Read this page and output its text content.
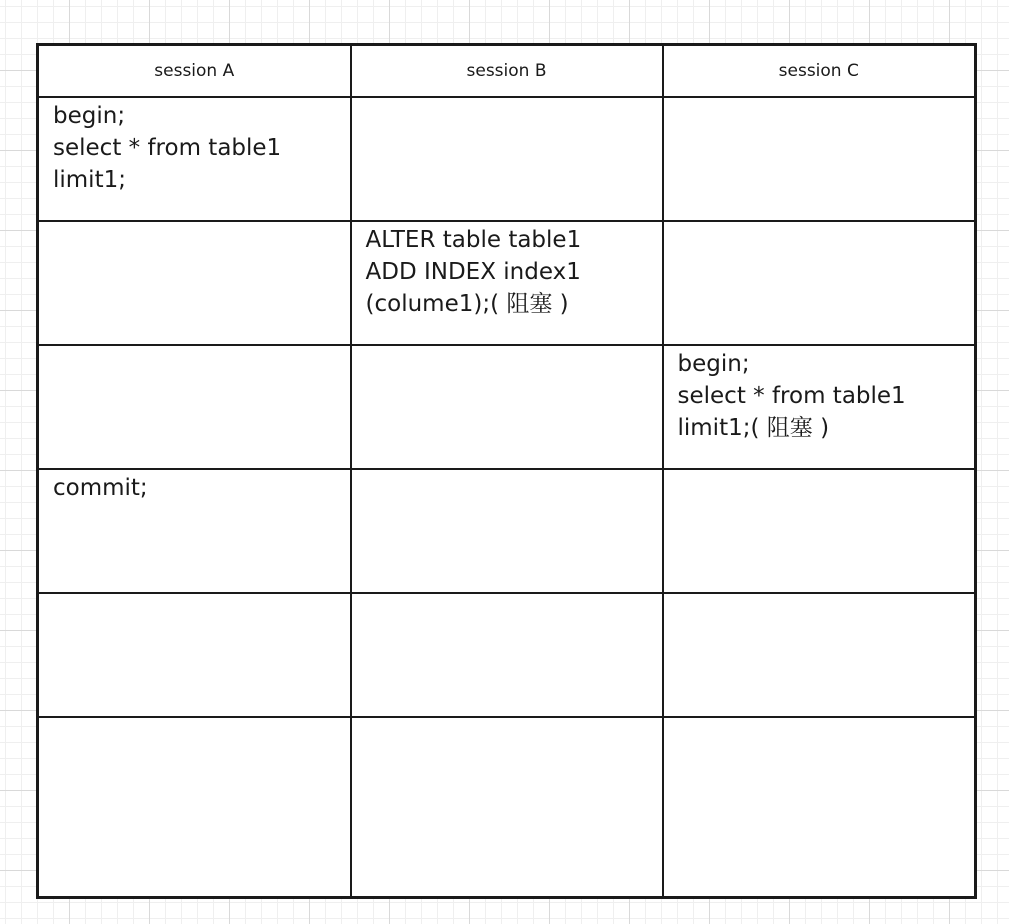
session A	session B	session C

begin;
select * from table1
limit1;		

	ALTER table table1
ADD INDEX index1
(colume1);( 阻塞 )	

		begin;
select * from table1
limit1;( 阻塞 )

commit;		
